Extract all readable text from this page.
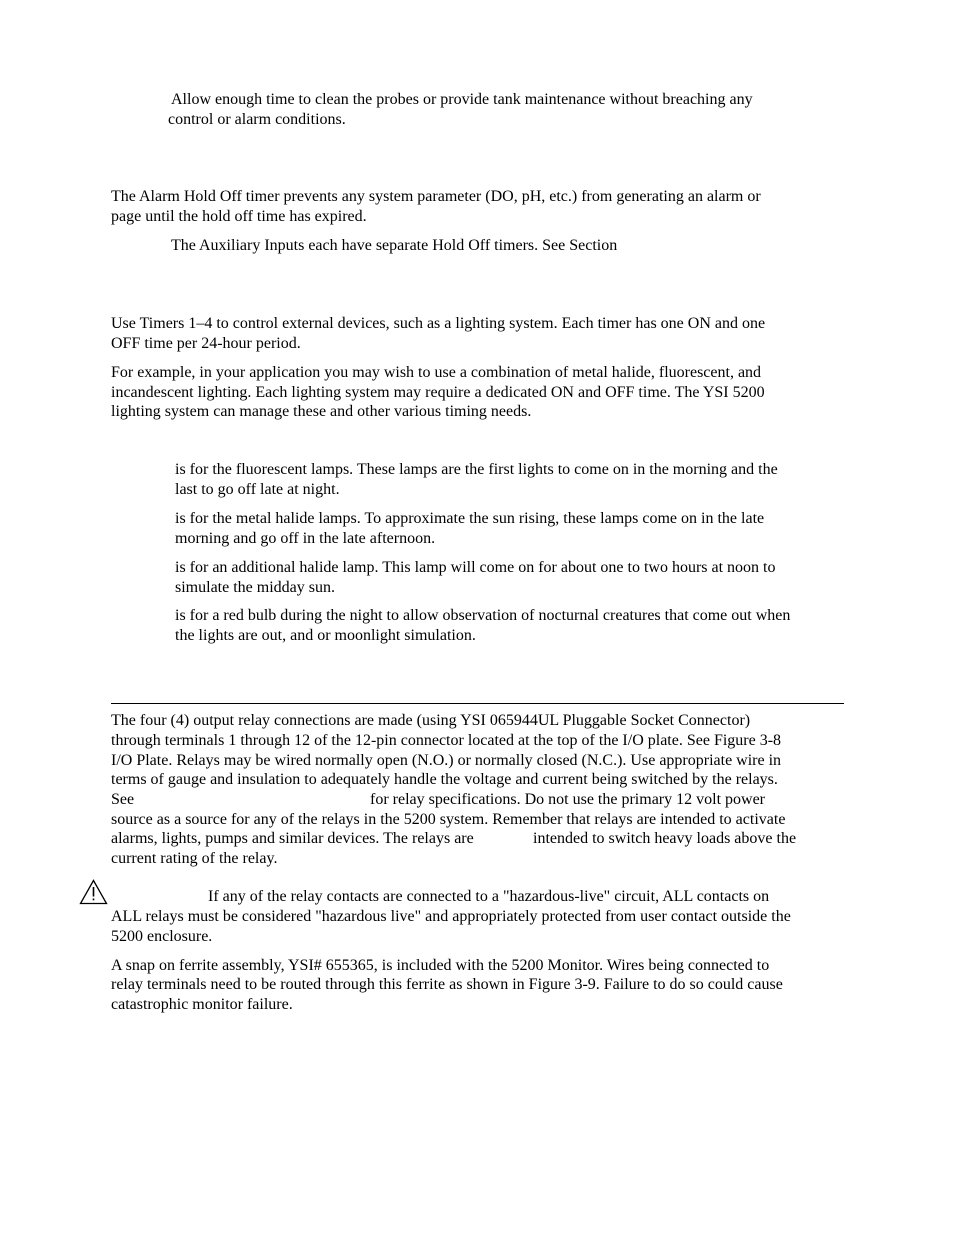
Allow enough time to clean the probes or provide tank maintenance without breaching any
control or alarm conditions.
The Alarm Hold Off timer prevents any system parameter (DO, pH, etc.) from generating an alarm or
page until the hold off time has expired.
The Auxiliary Inputs each have separate Hold Off timers. See Section
Use Timers 1–4 to control external devices, such as a lighting system. Each timer has one ON and one
OFF time per 24-hour period.
For example, in your application you may wish to use a combination of metal halide, fluorescent, and
incandescent lighting. Each lighting system may require a dedicated ON and OFF time. The YSI 5200
lighting system can manage these and other various timing needs.
is for the fluorescent lamps. These lamps are the first lights to come on in the morning and the
last to go off late at night.
is for the metal halide lamps. To approximate the sun rising, these lamps come on in the late
morning and go off in the late afternoon.
is for an additional halide lamp. This lamp will come on for about one to two hours at noon to
simulate the midday sun.
is for a red bulb during the night to allow observation of nocturnal creatures that come out when
the lights are out, and or moonlight simulation.
The four (4) output relay connections are made (using YSI 065944UL Pluggable Socket Connector)
through terminals 1 through 12 of the 12-pin connector located at the top of the I/O plate. See Figure 3-8
I/O Plate. Relays may be wired normally open (N.O.) or normally closed (N.C.). Use appropriate wire in
terms of gauge and insulation to adequately handle the voltage and current being switched by the relays.
See	for relay specifications. Do not use the primary 12 volt power
source as a source for any of the relays in the 5200 system. Remember that relays are intended to activate
alarms, lights, pumps and similar devices. The relays are	intended to switch heavy loads above the
current rating of the relay.
If any of the relay contacts are connected to a "hazardous-live" circuit, ALL contacts on
ALL relays must be considered "hazardous live" and appropriately protected from user contact outside the
5200 enclosure.
A snap on ferrite assembly, YSI# 655365, is included with the 5200 Monitor. Wires being connected to
relay terminals need to be routed through this ferrite as shown in Figure 3-9. Failure to do so could cause
catastrophic monitor failure.
